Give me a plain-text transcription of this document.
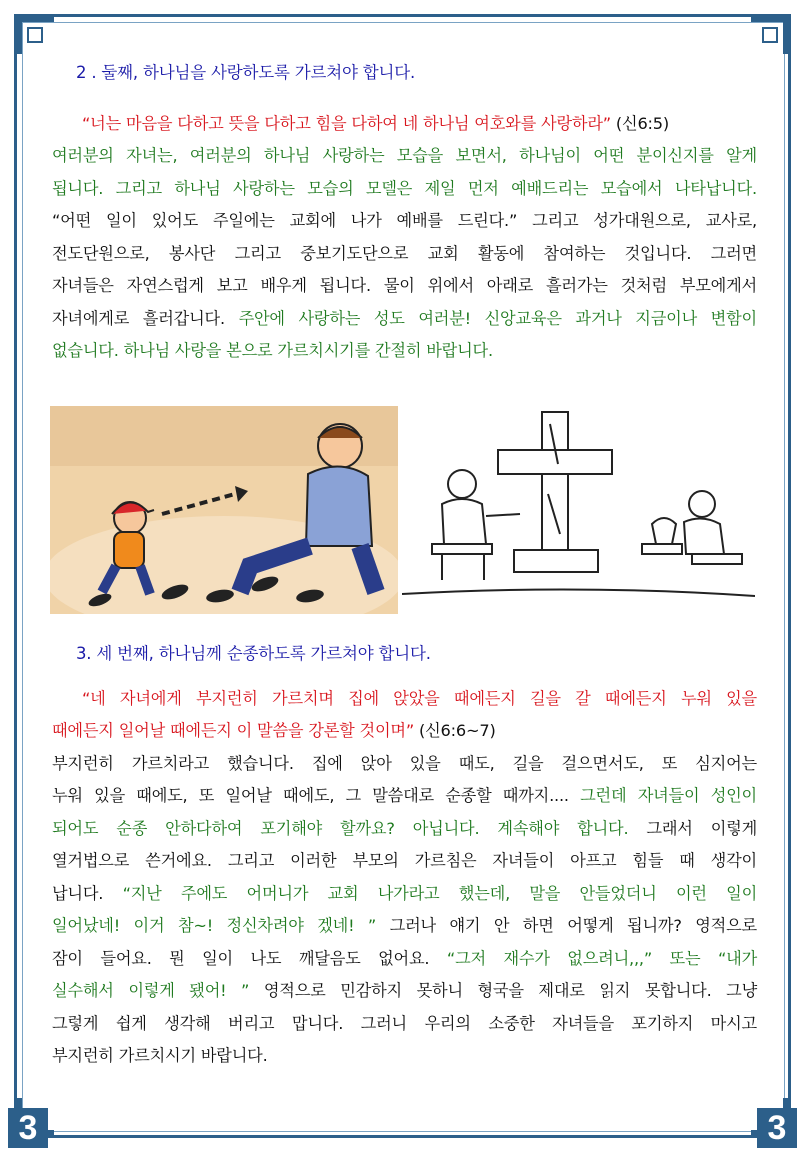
3	3
2 . 둘째, 하나님을 사랑하도록 가르쳐야 합니다.
“너는 마음을 다하고 뜻을 다하고 힘을 다하여 네 하나님 여호와를 사랑하라” (신6:5)
여러분의 자녀는, 여러분의 하나님 사랑하는 모습을 보면서, 하나님이 어떤 분이신지를 알게
됩니다. 그리고 하나님 사랑하는 모습의 모델은 제일 먼저 예배드리는 모습에서 나타납니다.
“어떤 일이 있어도 주일에는 교회에 나가 예배를 드린다.” 그리고 성가대원으로, 교사로,
전도단원으로, 봉사단 그리고 중보기도단으로 교회 활동에 참여하는 것입니다. 그러면
자녀들은 자연스럽게 보고 배우게 됩니다. 물이 위에서 아래로 흘러가는 것처럼 부모에게서
자녀에게로 흘러갑니다. 주안에 사랑하는 성도 여러분! 신앙교육은 과거나 지금이나 변함이
없습니다. 하나님 사랑을 본으로 가르치시기를 간절히 바랍니다.
3. 세 번째, 하나님께 순종하도록 가르쳐야 합니다.
“네 자녀에게 부지런히 가르치며 집에 앉았을 때에든지 길을 갈 때에든지 누워 있을
때에든지 일어날 때에든지 이 말씀을 강론할 것이며” (신6:6~7)
부지런히 가르치라고 했습니다. 집에 앉아 있을 때도, 길을 걸으면서도, 또 심지어는
누워 있을 때에도, 또 일어날 때에도, 그 말씀대로 순종할 때까지.... 그런데 자녀들이 성인이
되어도 순종 안하다하여 포기해야 할까요? 아닙니다. 계속해야 합니다. 그래서 이렇게
열거법으로 쓴거에요. 그리고 이러한 부모의 가르침은 자녀들이 아프고 힘들 때 생각이
납니다. “지난 주에도 어머니가 교회 나가라고 했는데, 말을 안들었더니 이런 일이
일어났네! 이거 참~! 정신차려야 겠네! ” 그러나 얘기 안 하면 어떻게 됩니까? 영적으로
잠이 들어요. 뭔 일이 나도 깨달음도 없어요. “그저 재수가 없으려니,,,” 또는 “내가
실수해서 이렇게 됐어! ” 영적으로 민감하지 못하니 형국을 제대로 읽지 못합니다. 그냥
그렇게 쉽게 생각해 버리고 맙니다. 그러니 우리의 소중한 자녀들을 포기하지 마시고
부지런히 가르치시기 바랍니다.
